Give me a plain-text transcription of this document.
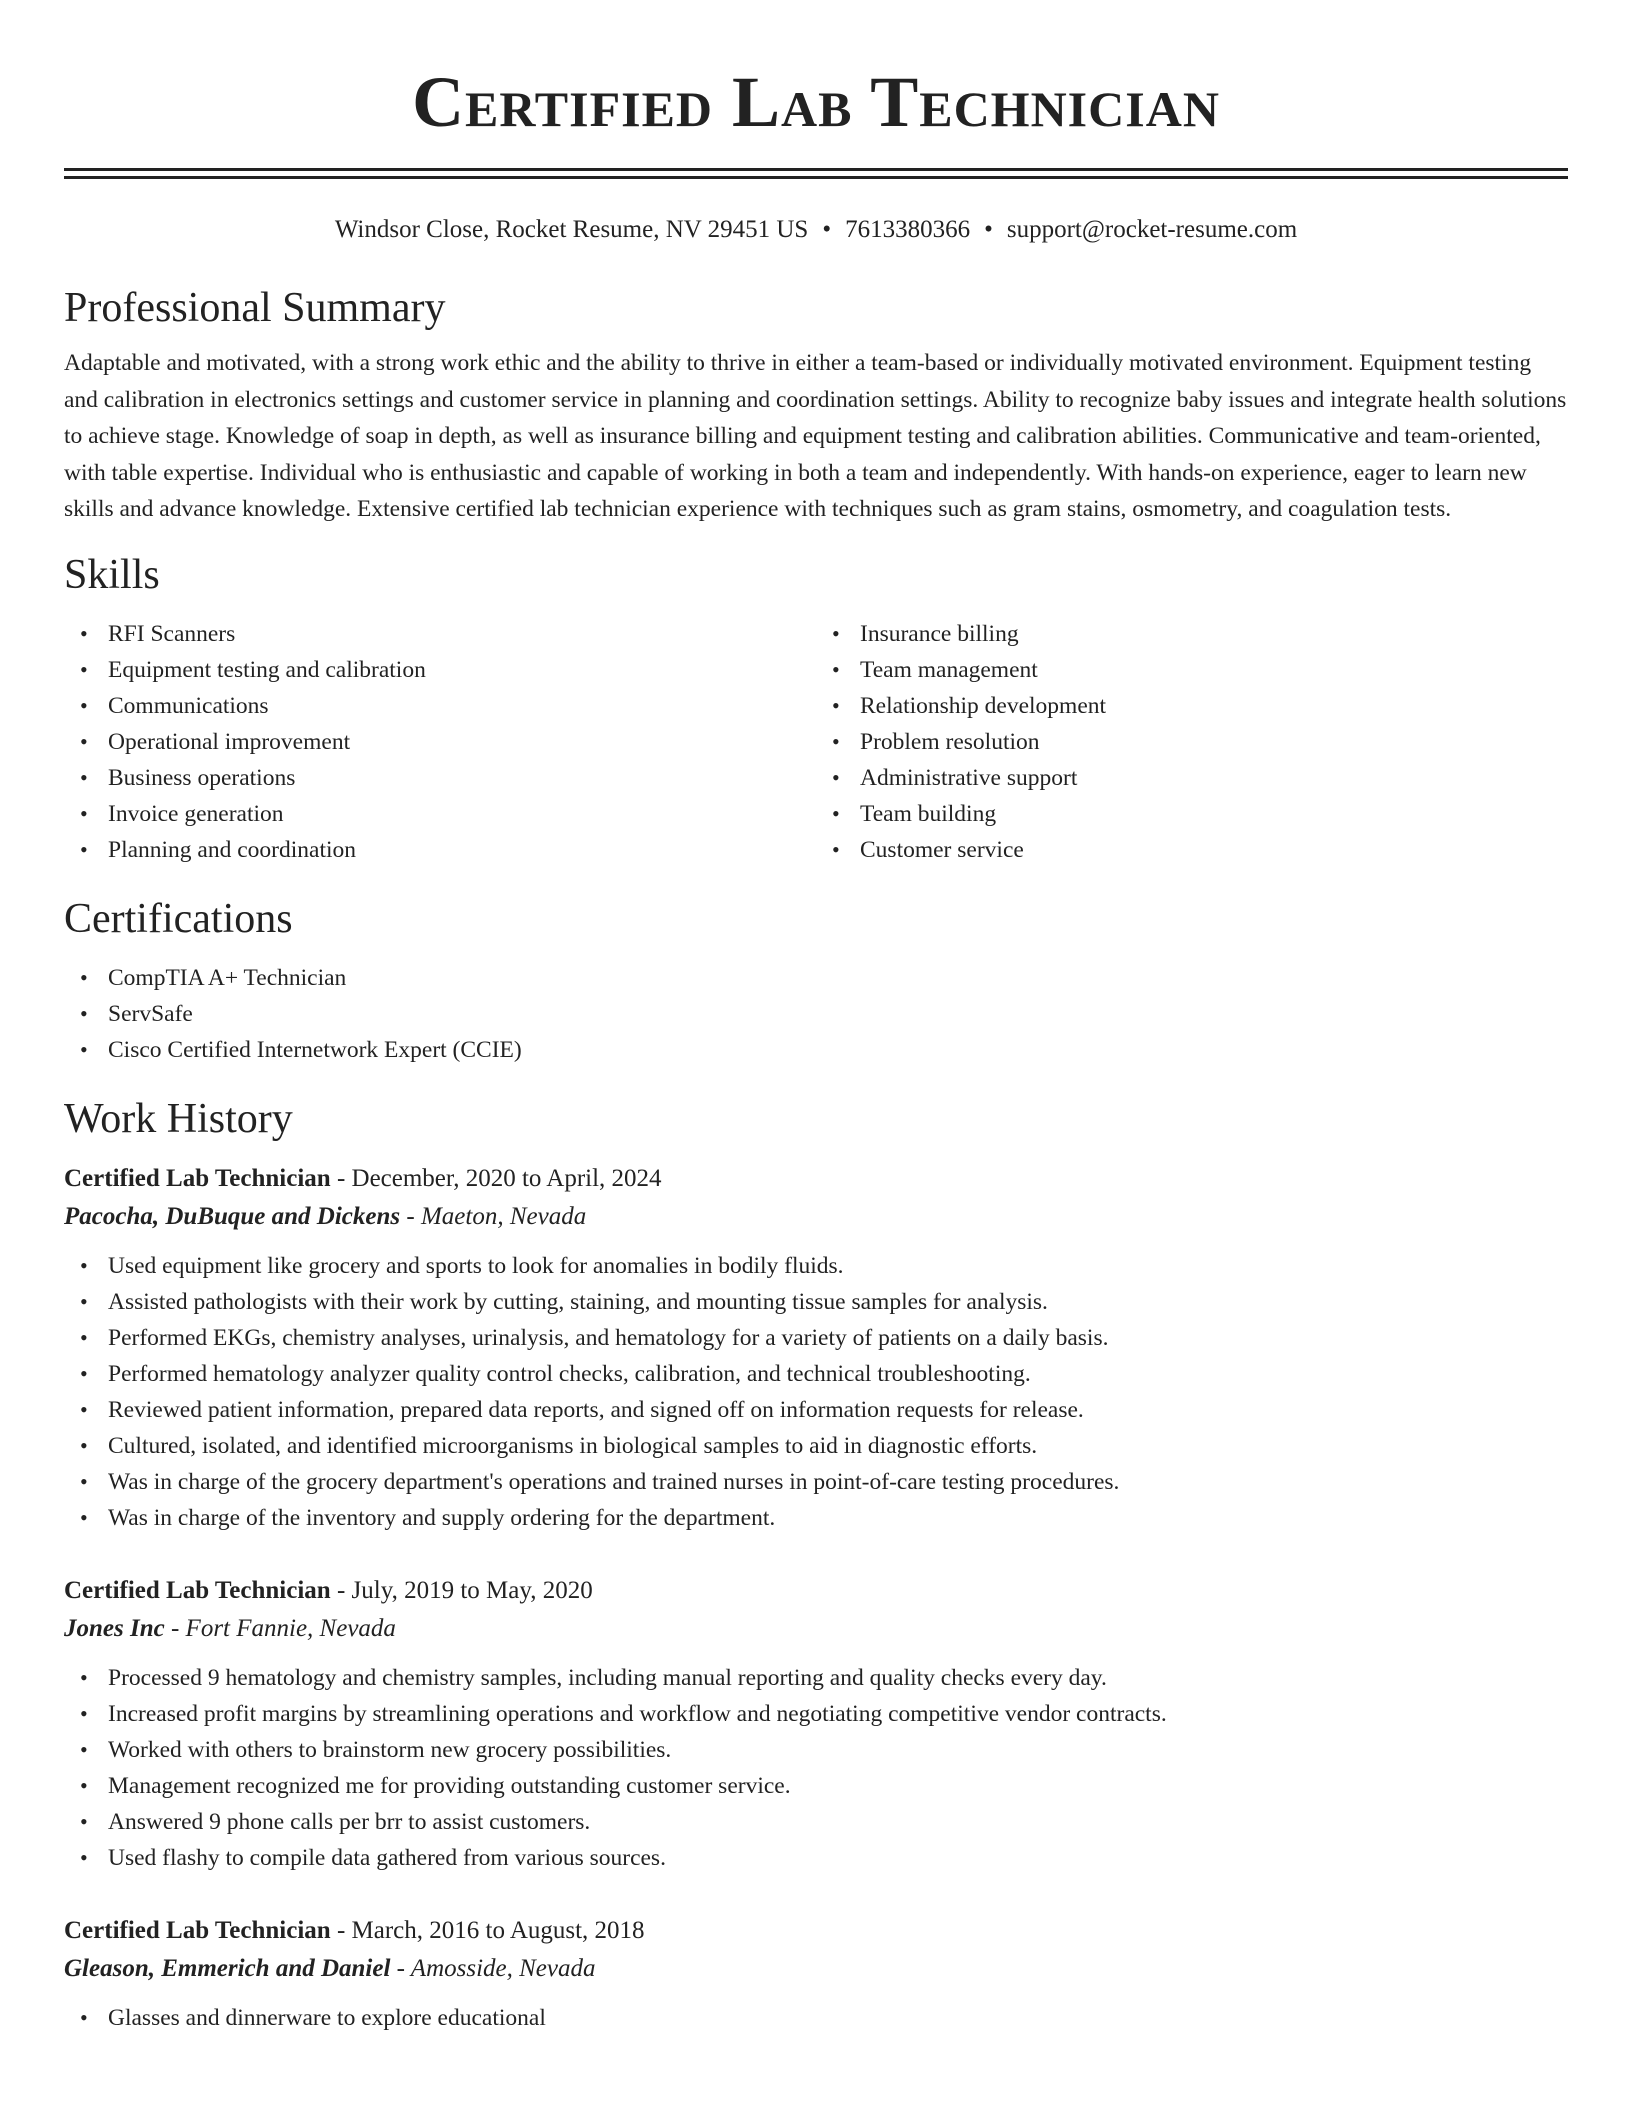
Certified Lab Technician
Windsor Close, Rocket Resume, NV 29451 US • 7613380366 • support@rocket-resume.com
Professional Summary

Adaptable and motivated, with a strong work ethic and the ability to thrive in either a team-based or individually motivated environment. Equipment testing and calibration in electronics settings and customer service in planning and coordination settings. Ability to recognize baby issues and integrate health solutions to achieve stage. Knowledge of soap in depth, as well as insurance billing and equipment testing and calibration abilities. Communicative and team-oriented, with table expertise. Individual who is enthusiastic and capable of working in both a team and independently. With hands-on experience, eager to learn new skills and advance knowledge. Extensive certified lab technician experience with techniques such as gram stains, osmometry, and coagulation tests.

Skills
• RFI Scanners
• Equipment testing and calibration
• Communications
• Operational improvement
• Business operations
• Invoice generation
• Planning and coordination
• Insurance billing
• Team management
• Relationship development
• Problem resolution
• Administrative support
• Team building
• Customer service
Certifications
• CompTIA A+ Technician
• ServSafe
• Cisco Certified Internetwork Expert (CCIE)
Work History
Certified Lab Technician - December, 2020 to April, 2024
Pacocha, DuBuque and Dickens - Maeton, Nevada
• Used equipment like grocery and sports to look for anomalies in bodily fluids.
• Assisted pathologists with their work by cutting, staining, and mounting tissue samples for analysis.
• Performed EKGs, chemistry analyses, urinalysis, and hematology for a variety of patients on a daily basis.
• Performed hematology analyzer quality control checks, calibration, and technical troubleshooting.
• Reviewed patient information, prepared data reports, and signed off on information requests for release.
• Cultured, isolated, and identified microorganisms in biological samples to aid in diagnostic efforts.
• Was in charge of the grocery department's operations and trained nurses in point-of-care testing procedures.
• Was in charge of the inventory and supply ordering for the department.
Certified Lab Technician - July, 2019 to May, 2020
Jones Inc - Fort Fannie, Nevada
• Processed 9 hematology and chemistry samples, including manual reporting and quality checks every day.
• Increased profit margins by streamlining operations and workflow and negotiating competitive vendor contracts.
• Worked with others to brainstorm new grocery possibilities.
• Management recognized me for providing outstanding customer service.
• Answered 9 phone calls per brr to assist customers.
• Used flashy to compile data gathered from various sources.
Certified Lab Technician - March, 2016 to August, 2018
Gleason, Emmerich and Daniel - Amosside, Nevada
• Glasses and dinnerware to explore educational
